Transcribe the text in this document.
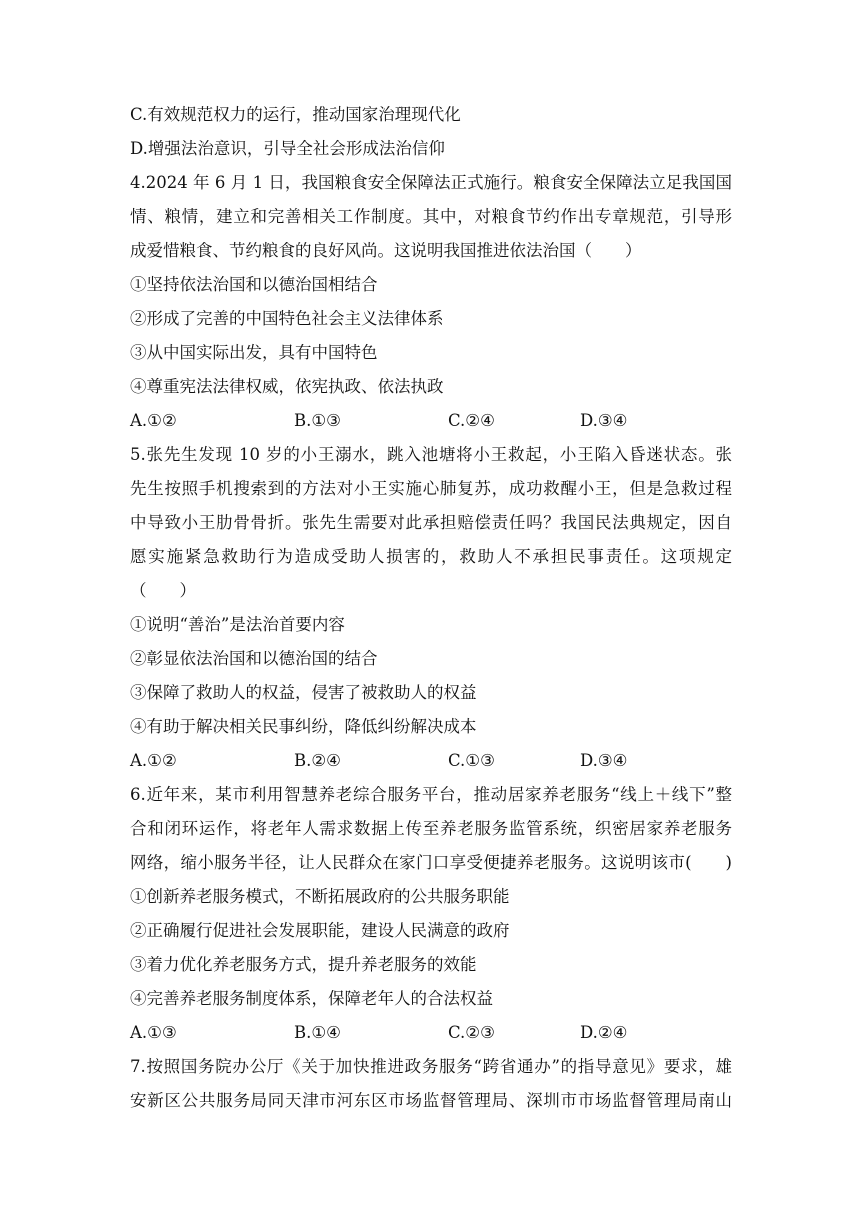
C.有效规范权力的运行，推动国家治理现代化
D.增强法治意识，引导全社会形成法治信仰
4.2024 年 6 月 1 日，我国粮食安全保障法正式施行。粮食安全保障法立足我国国
情、粮情，建立和完善相关工作制度。其中，对粮食节约作出专章规范，引导形
成爱惜粮食、节约粮食的良好风尚。这说明我国推进依法治国（　　）
①坚持依法治国和以德治国相结合
②形成了完善的中国特色社会主义法律体系
③从中国实际出发，具有中国特色
④尊重宪法法律权威，依宪执政、依法执政
A.①②	B.①③	C.②④	D.③④
5.张先生发现 10 岁的小王溺水，跳入池塘将小王救起，小王陷入昏迷状态。张
先生按照手机搜索到的方法对小王实施心肺复苏，成功救醒小王，但是急救过程
中导致小王肋骨骨折。张先生需要对此承担赔偿责任吗？我国民法典规定，因自
愿实施紧急救助行为造成受助人损害的，救助人不承担民事责任。这项规定
（　　）
①说明“善治”是法治首要内容
②彰显依法治国和以德治国的结合
③保障了救助人的权益，侵害了被救助人的权益
④有助于解决相关民事纠纷，降低纠纷解决成本
A.①②	B.②④	C.①③	D.③④
6.近年来，某市利用智慧养老综合服务平台，推动居家养老服务“线上＋线下”整
合和闭环运作，将老年人需求数据上传至养老服务监管系统，织密居家养老服务
网络，缩小服务半径，让人民群众在家门口享受便捷养老服务。这说明该市(　　)
①创新养老服务模式，不断拓展政府的公共服务职能
②正确履行促进社会发展职能，建设人民满意的政府
③着力优化养老服务方式，提升养老服务的效能
④完善养老服务制度体系，保障老年人的合法权益
A.①③	B.①④	C.②③	D.②④
7.按照国务院办公厅《关于加快推进政务服务“跨省通办”的指导意见》要求，雄
安新区公共服务局同天津市河东区市场监督管理局、深圳市市场监督管理局南山
